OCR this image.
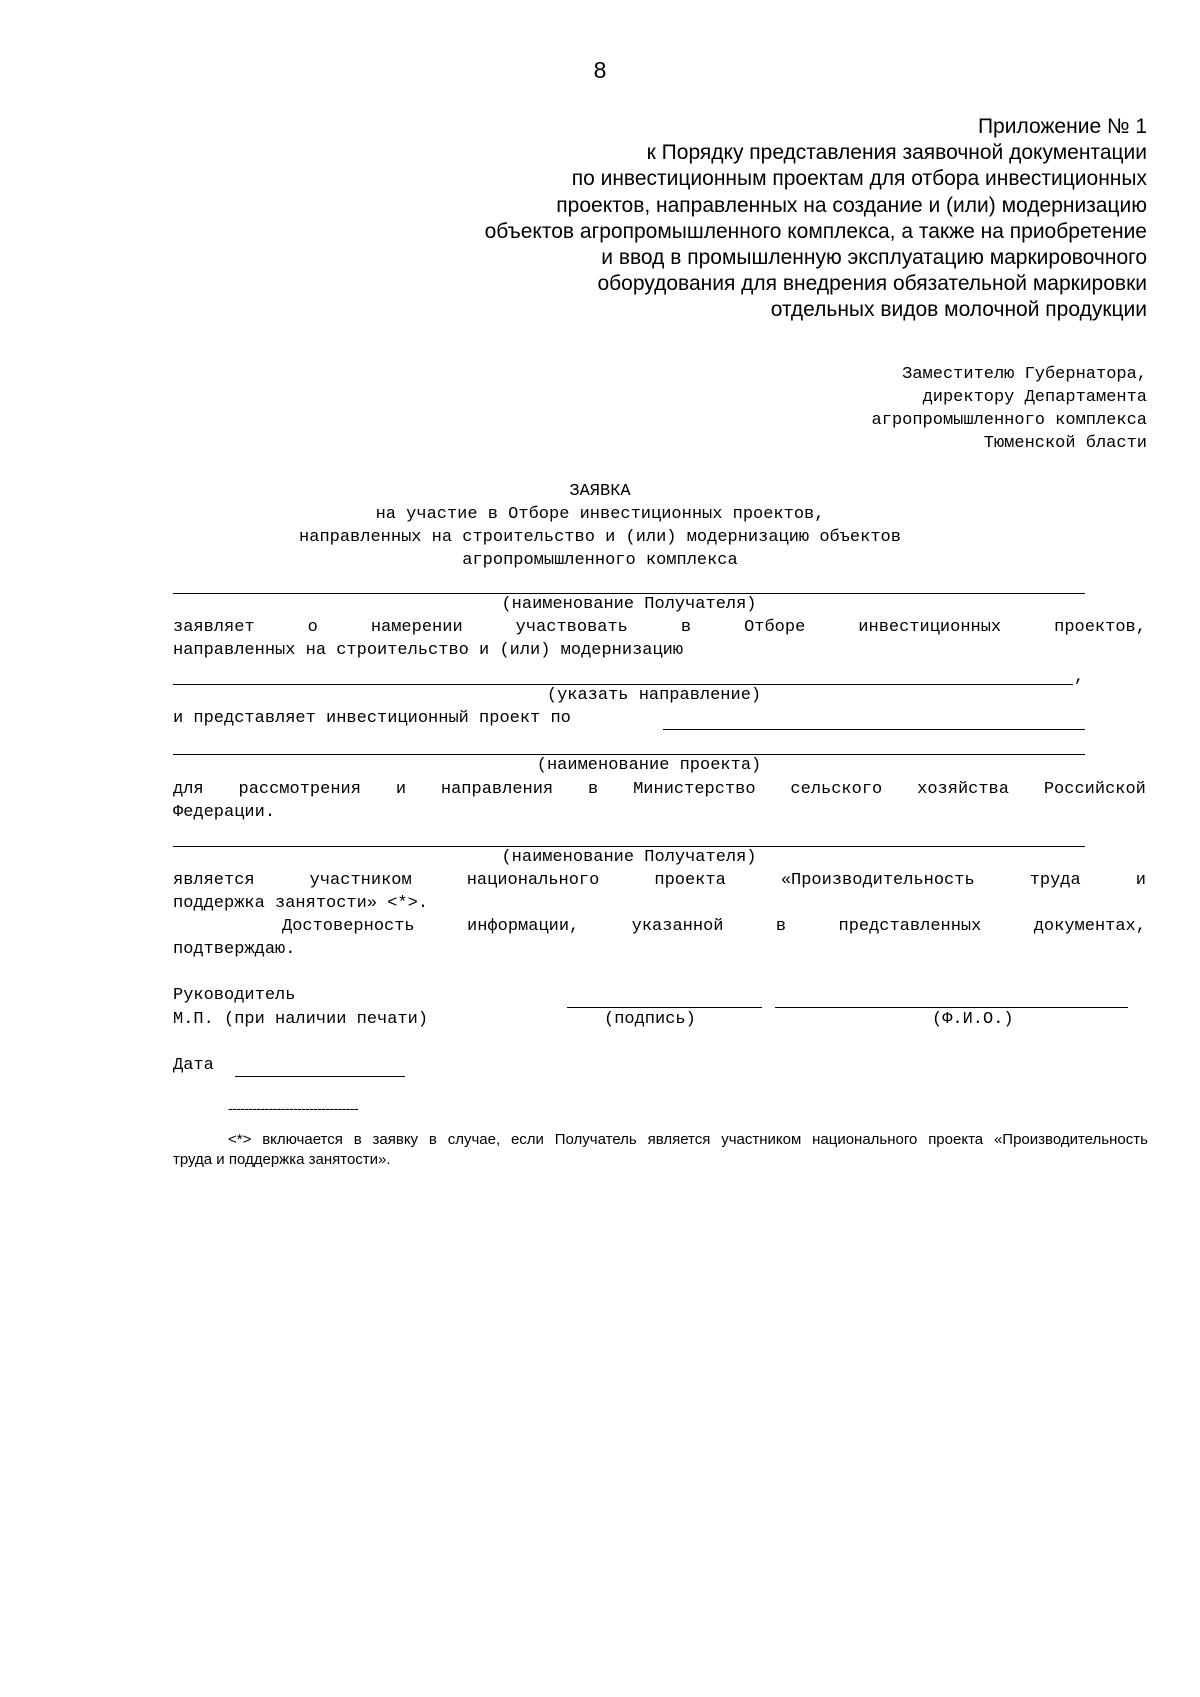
8
Приложение № 1
к Порядку представления заявочной документации
по инвестиционным проектам для отбора инвестиционных
проектов, направленных на создание и (или) модернизацию
объектов агропромышленного комплекса, а также на приобретение
и ввод в промышленную эксплуатацию маркировочного
оборудования для внедрения обязательной маркировки
отдельных видов молочной продукции
Заместителю Губернатора,
директору Департамента
агропромышленного комплекса
Тюменской бласти
ЗАЯВКА
на участие в Отборе инвестиционных проектов,
направленных на строительство и (или) модернизацию объектов
агропромышленного комплекса
(наименование Получателя)
заявляет	о	намерении	участвовать	в	Отборе	инвестиционных	проектов,
направленных на строительство и (или) модернизацию
,
(указать направление)
и представляет инвестиционный проект по
(наименование проекта)
для рассмотрения и направления в Министерство сельского хозяйства Российской
Федерации.
(наименование Получателя)
является	участником	национального	проекта	«Производительность	труда	и
поддержка занятости» <*>.
Достоверность	информации,	указанной	в	представленных	документах,
подтверждаю.
Руководитель
М.П. (при наличии печати)	(подпись)	(Ф.И.О.)
Дата
--------------------------------
<*> включается в заявку в случае, если Получатель является участником национального проекта «Производительность
труда и поддержка занятости».
